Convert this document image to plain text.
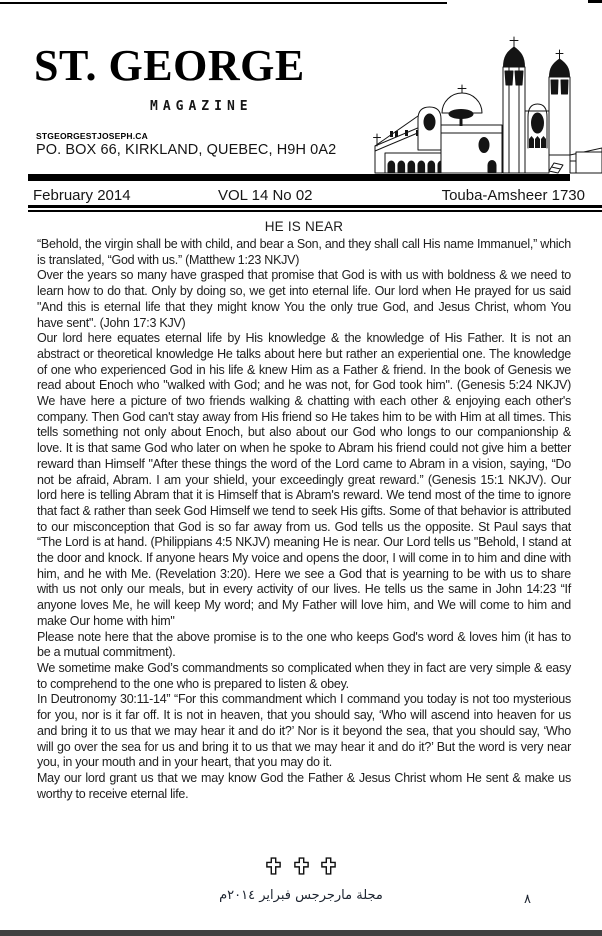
ST. GEORGE
MAGAZINE
STGEORGESTJOSEPH.CA
PO. BOX 66, KIRKLAND, QUEBEC, H9H 0A2
February 2014	VOL 14 No 02	Touba-Amsheer 1730
HE IS NEAR

“Behold, the virgin shall be with child, and bear a Son, and they shall call His name Immanuel,” which is translated, “God with us.” (Matthew 1:23 NKJV)

Over the years so many have grasped that promise that God is with us with boldness & we need to learn how to do that. Only by doing so, we get into eternal life. Our lord when He prayed for us said "And this is eternal life that they might know You the only true God, and Jesus Christ, whom You have sent". (John 17:3 KJV)

Our lord here equates eternal life by His knowledge & the knowledge of His Father. It is not an abstract or theoretical knowledge He talks about here but rather an experiential one. The knowledge of one who experienced God in his life & knew Him as a Father & friend. In the book of Genesis we read about Enoch who "walked with God; and he was not, for God took him". (Genesis 5:24 NKJV) We have here a picture of two friends walking & chatting with each other & enjoying each other's company. Then God can't stay away from His friend so He takes him to be with Him at all times. This tells something not only about Enoch, but also about our God who longs to our companionship & love. It is that same God who later on when he spoke to Abram his friend could not give him a better reward than Himself "After these things the word of the Lord came to Abram in a vision, saying, “Do not be afraid, Abram. I am your shield, your exceedingly great reward.” (Genesis 15:1 NKJV). Our lord here is telling Abram that it is Himself that is Abram's reward. We tend most of the time to ignore that fact & rather than seek God Himself we tend to seek His gifts. Some of that behavior is attributed to our misconception that God is so far away from us. God tells us the opposite. St Paul says that “The Lord is at hand. (Philippians 4:5 NKJV) meaning He is near. Our Lord tells us "Behold, I stand at the door and knock. If anyone hears My voice and opens the door, I will come in to him and dine with him, and he with Me. (Revelation 3:20). Here we see a God that is yearning to be with us to share with us not only our meals, but in every activity of our lives. He tells us the same in John 14:23 “If anyone loves Me, he will keep My word; and My Father will love him, and We will come to him and make Our home with him"

Please note here that the above promise is to the one who keeps God's word & loves him (it has to be a mutual commitment).

We sometime make God’s commandments so complicated when they in fact are very simple & easy to comprehend to the one who is prepared to listen & obey.

In Deutronomy 30:11-14” “For this commandment which I command you today is not too mysterious for you, nor is it far off. It is not in heaven, that you should say, ‘Who will ascend into heaven for us and bring it to us that we may hear it and do it?’ Nor is it beyond the sea, that you should say, ‘Who will go over the sea for us and bring it to us that we may hear it and do it?’ But the word is very near you, in your mouth and in your heart, that you may do it.

May our lord grant us that we may know God the Father & Jesus Christ whom He sent & make us worthy to receive eternal life.

مجلة مارجرجس فبراير ٢٠١٤م	٨
